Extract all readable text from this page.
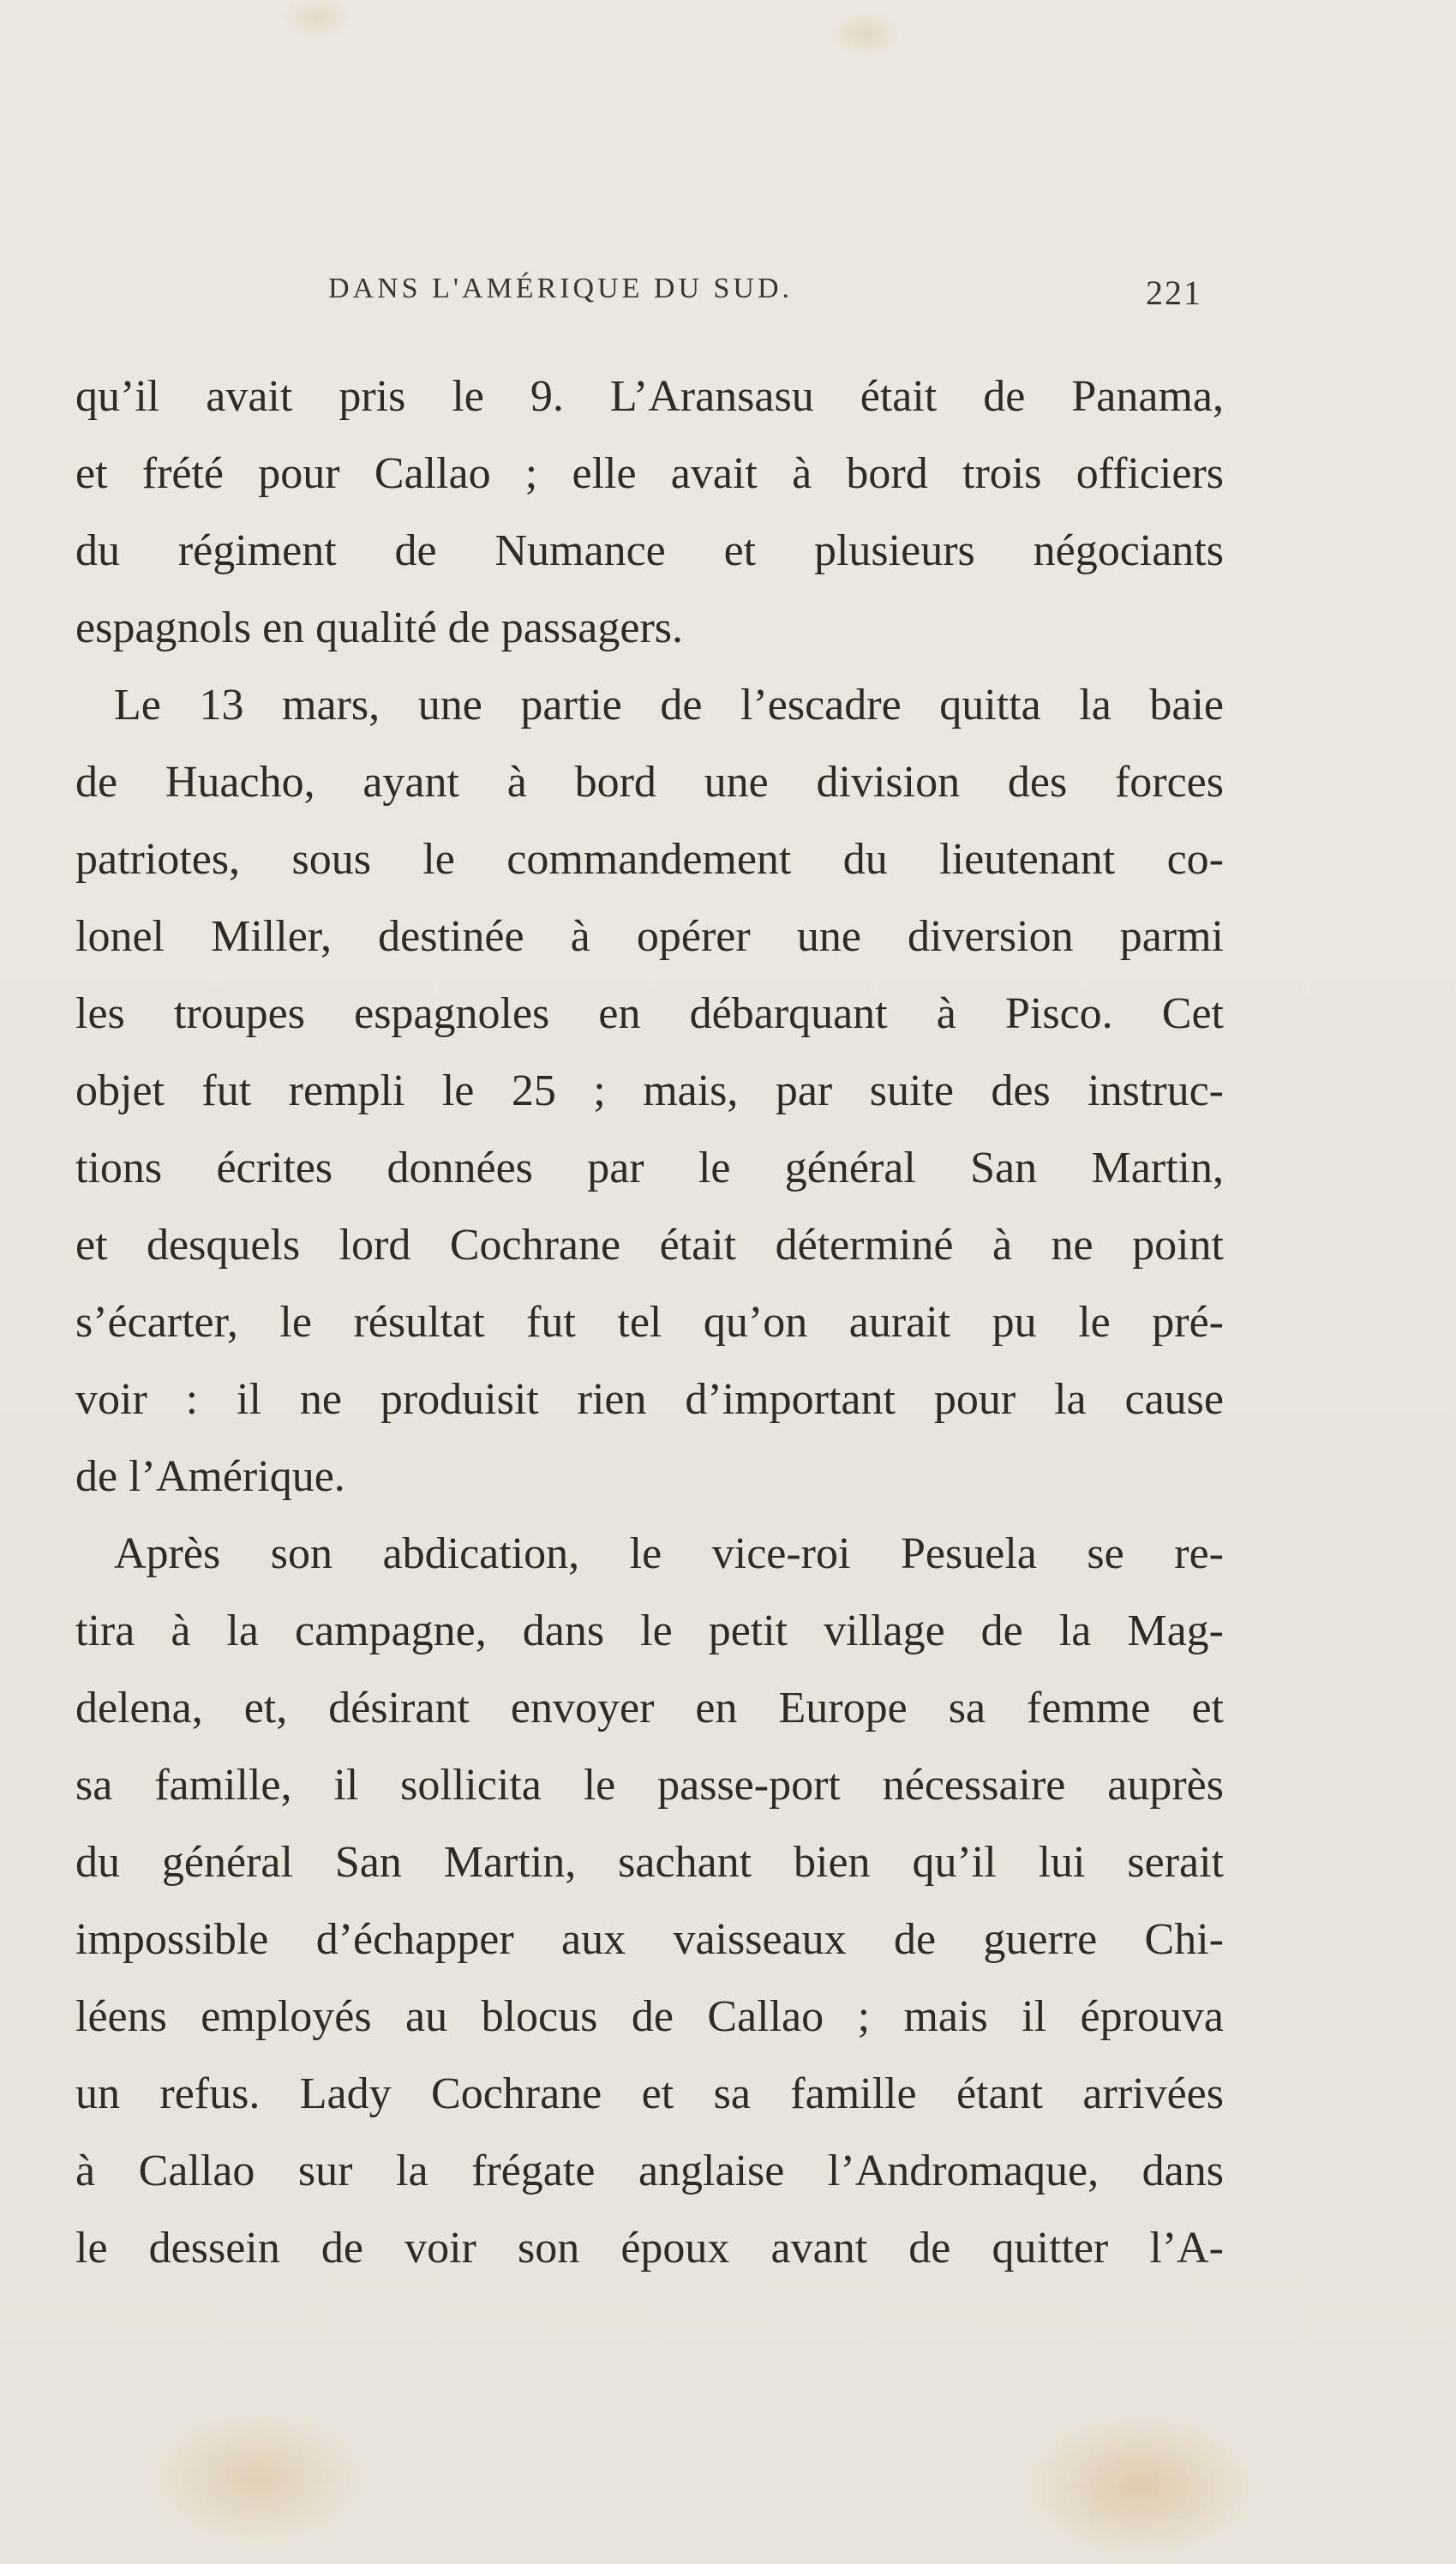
DANS L'AMÉRIQUE DU SUD.	221
qu’il avait pris le 9. L’Aransasu était de Panama,
et frété pour Callao ; elle avait à bord trois officiers
du régiment de Numance et plusieurs négociants
espagnols en qualité de passagers.
Le 13 mars, une partie de l’escadre quitta la baie
de Huacho, ayant à bord une division des forces
patriotes, sous le commandement du lieutenant co-
lonel Miller, destinée à opérer une diversion parmi
les troupes espagnoles en débarquant à Pisco. Cet
objet fut rempli le 25 ; mais, par suite des instruc-
tions écrites données par le général San Martin,
et desquels lord Cochrane était déterminé à ne point
s’écarter, le résultat fut tel qu’on aurait pu le pré-
voir : il ne produisit rien d’important pour la cause
de l’Amérique.
Après son abdication, le vice-roi Pesuela se re-
tira à la campagne, dans le petit village de la Mag-
delena, et, désirant envoyer en Europe sa femme et
sa famille, il sollicita le passe-port nécessaire auprès
du général San Martin, sachant bien qu’il lui serait
impossible d’échapper aux vaisseaux de guerre Chi-
léens employés au blocus de Callao ; mais il éprouva
un refus. Lady Cochrane et sa famille étant arrivées
à Callao sur la frégate anglaise l’Andromaque, dans
le dessein de voir son époux avant de quitter l’A-
